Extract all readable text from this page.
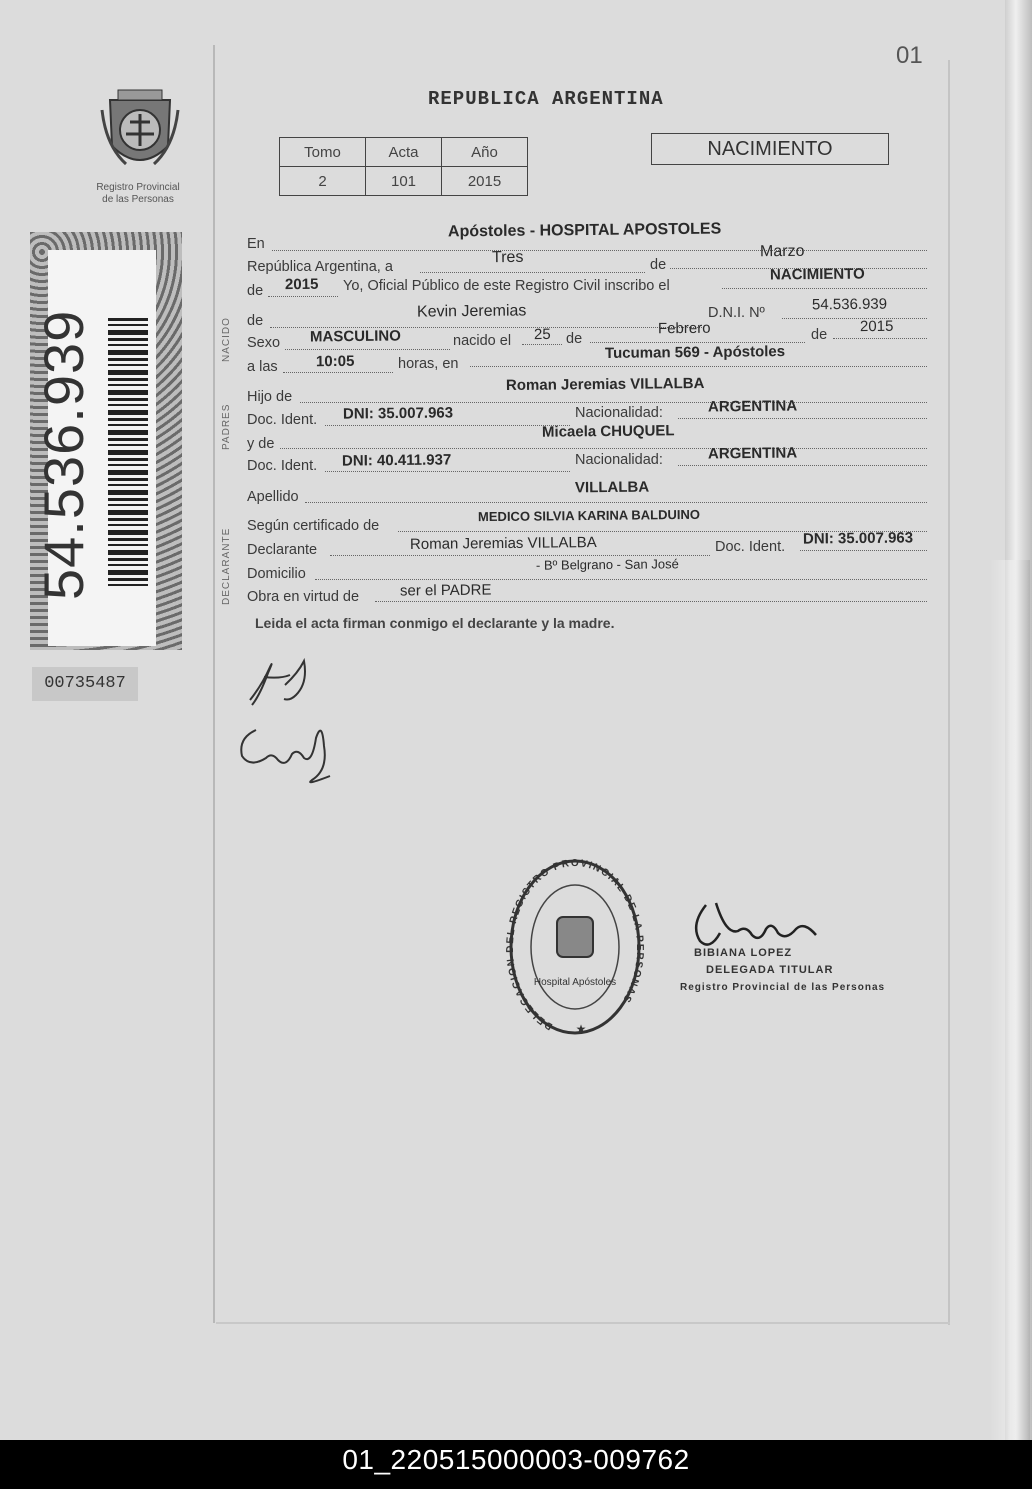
01
REPUBLICA ARGENTINA
Tomo	Acta	Año
2	101	2015
NACIMIENTO
Registro Provincial
de las Personas
54.536.939
00735487
NACIDO
PADRES
DECLARANTE
En
Apóstoles - HOSPITAL APOSTOLES
República Argentina, a
Tres	de
Marzo
de 2015 Yo, Oficial Público de este Registro Civil inscribo el
NACIMIENTO
de
Kevin Jeremias	D.N.I. Nº	54.536.939
Sexo MASCULINO	nacido el 25 de
Febrero	de 2015
a las	10:05	horas, en
Tucuman 569 - Apóstoles
Hijo de
Roman Jeremias VILLALBA
Doc. Ident. DNI: 35.007.963	Nacionalidad:	ARGENTINA
y de
Micaela CHUQUEL
Doc. Ident. DNI: 40.411.937	Nacionalidad:	ARGENTINA
Apellido
VILLALBA
Según certificado de
MEDICO SILVIA KARINA BALDUINO
Declarante	Roman Jeremias VILLALBA	Doc. Ident. DNI: 35.007.963
Domicilio
- Bº Belgrano - San José
Obra en virtud de	ser el PADRE
Leida el acta firman conmigo el declarante y la madre.
DELEGACION DEL REGISTRO PROVINCIAL DE LA PERSONAS
Hospital Apóstoles
★
BIBIANA LOPEZ
DELEGADA TITULAR
Registro Provincial de las Personas
01_220515000003-009762
